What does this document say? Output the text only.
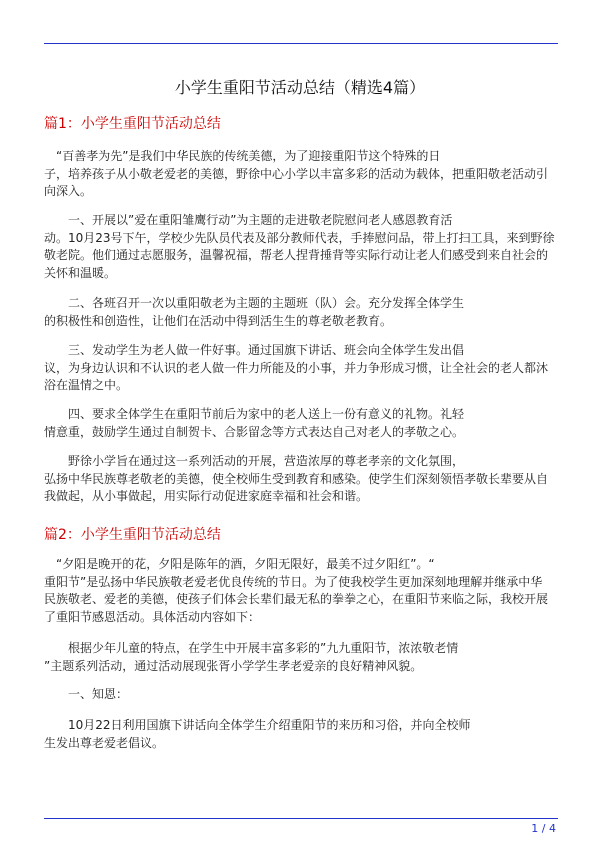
小学生重阳节活动总结（精选4篇）
篇1：小学生重阳节活动总结

　“百善孝为先”是我们中华民族的传统美德，为了迎接重阳节这个特殊的日
子，培养孩子从小敬老爱老的美德，野徐中心小学以丰富多彩的活动为载体，把重阳敬老活动引
向深入。

　　一、开展以”爱在重阳雏鹰行动”为主题的走进敬老院慰问老人感恩教育活
动。10月23号下午，学校少先队员代表及部分教师代表，手捧慰问品，带上打扫工具，来到野徐
敬老院。他们通过志愿服务，温馨祝福，帮老人捏背捶背等实际行动让老人们感受到来自社会的
关怀和温暖。

　　二、各班召开一次以重阳敬老为主题的主题班（队）会。充分发挥全体学生
的积极性和创造性，让他们在活动中得到活生生的尊老敬老教育。

　　三、发动学生为老人做一件好事。通过国旗下讲话、班会向全体学生发出倡
议，为身边认识和不认识的老人做一件力所能及的小事，并力争形成习惯，让全社会的老人都沐
浴在温情之中。

　　四、要求全体学生在重阳节前后为家中的老人送上一份有意义的礼物。礼轻
情意重，鼓励学生通过自制贺卡、合影留念等方式表达自己对老人的孝敬之心。

　　野徐小学旨在通过这一系列活动的开展，营造浓厚的尊老孝亲的文化氛围，
弘扬中华民族尊老敬老的美德，使全校师生受到教育和感染。使学生们深刻领悟孝敬长辈要从自
我做起，从小事做起，用实际行动促进家庭幸福和社会和谐。

篇2：小学生重阳节活动总结

　“夕阳是晚开的花，夕阳是陈年的酒，夕阳无限好，最美不过夕阳红”。“
重阳节”是弘扬中华民族敬老爱老优良传统的节日。为了使我校学生更加深刻地理解并继承中华
民族敬老、爱老的美德，使孩子们体会长辈们最无私的拳拳之心，在重阳节来临之际，我校开展
了重阳节感恩活动。具体活动内容如下：

　　根据少年儿童的特点，在学生中开展丰富多彩的”九九重阳节，浓浓敬老情
”主题系列活动，通过活动展现张胥小学学生孝老爱亲的良好精神风貌。

　　一、知恩：

　　10月22日利用国旗下讲话向全体学生介绍重阳节的来历和习俗，并向全校师
生发出尊老爱老倡议。

1 / 4
